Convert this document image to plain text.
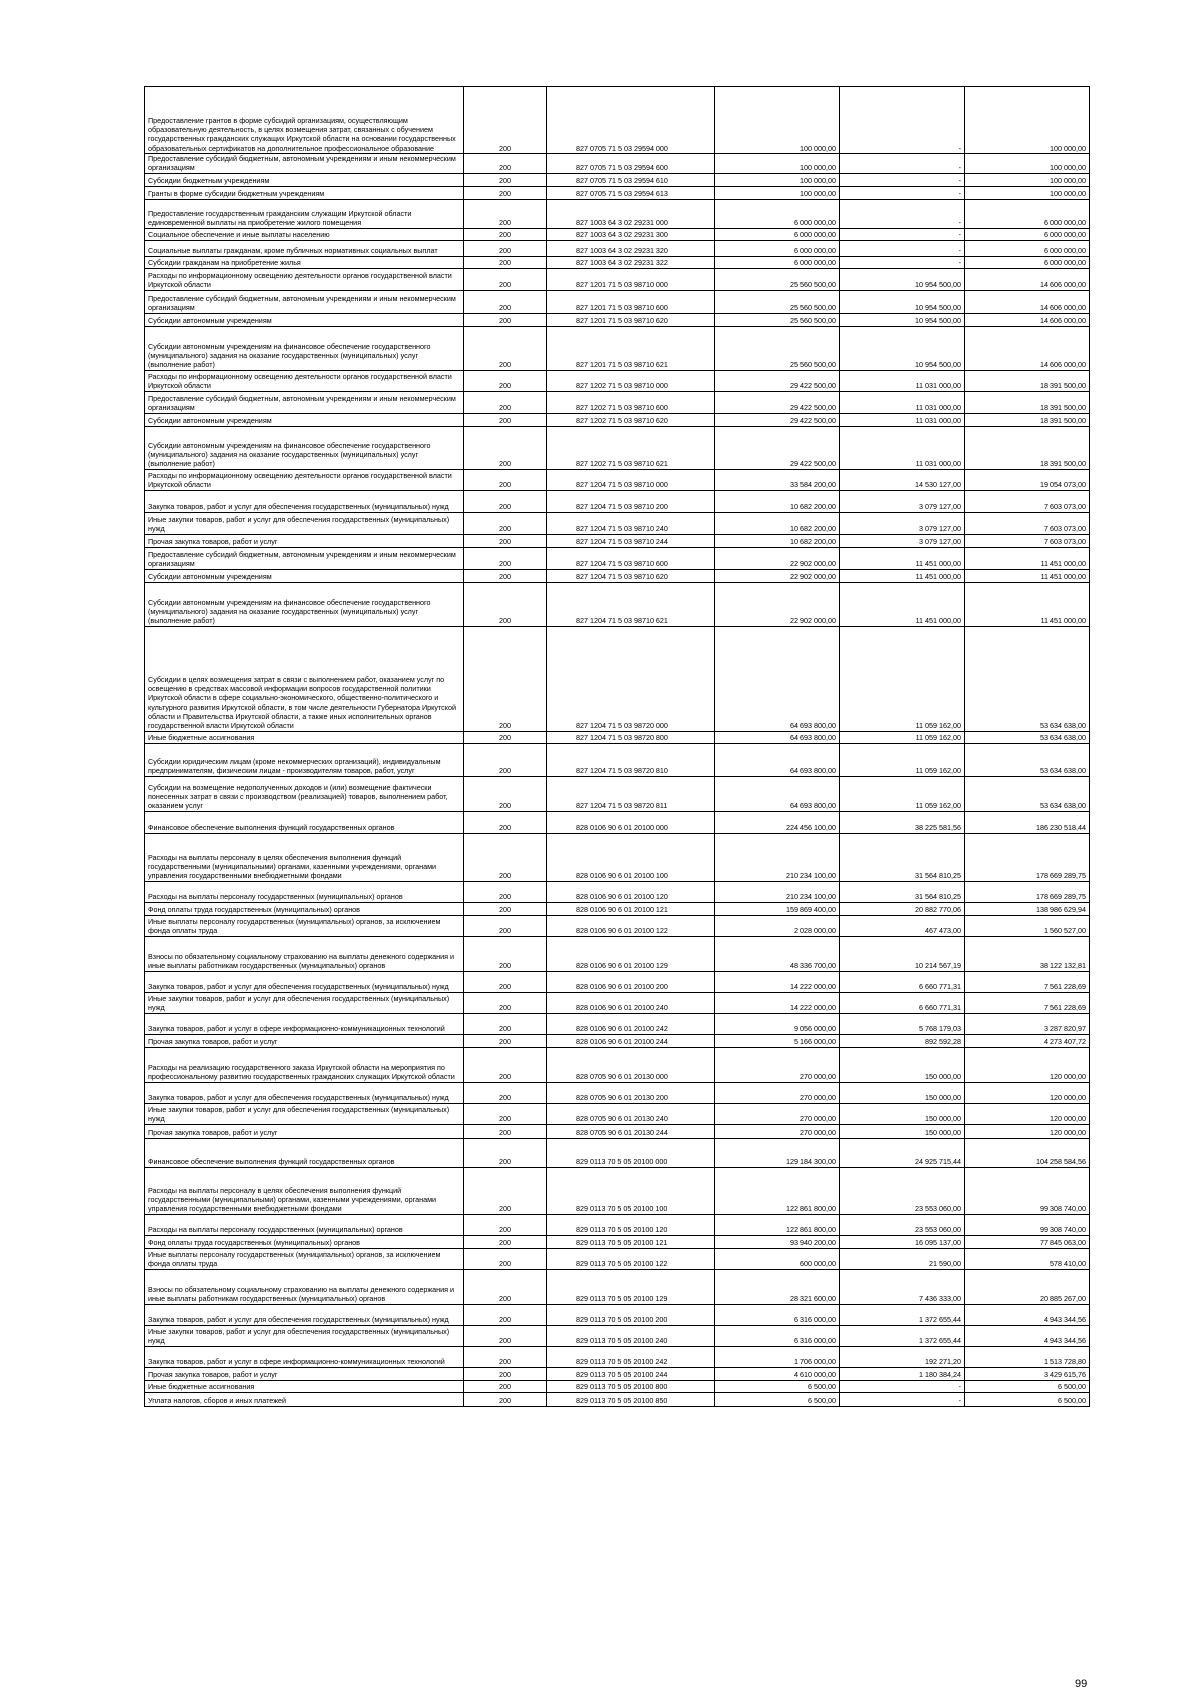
Предоставление грантов в форме субсидий организациям, осуществляющим образовательную деятельность, в целях возмещения затрат, связанных с обучением государственных гражданских служащих Иркутской области на основании государственных образовательных сертификатов на дополнительное профессиональное образование	200	827 0705 71 5 03 29594 000	100 000,00	-	100 000,00
Предоставление субсидий бюджетным, автономным учреждениям и иным некоммерческим организациям	200	827 0705 71 5 03 29594 600	100 000,00	-	100 000,00
Субсидии бюджетным учреждениям	200	827 0705 71 5 03 29594 610	100 000,00	-	100 000,00
Гранты в форме субсидии бюджетным учреждениям	200	827 0705 71 5 03 29594 613	100 000,00	-	100 000,00
Предоставление государственным гражданским служащим Иркутской области единовременной выплаты на приобретение жилого помещения	200	827 1003 64 3 02 29231 000	6 000 000,00	-	6 000 000,00
Социальное обеспечение и иные выплаты населению	200	827 1003 64 3 02 29231 300	6 000 000,00	-	6 000 000,00
Социальные выплаты гражданам, кроме публичных нормативных социальных выплат	200	827 1003 64 3 02 29231 320	6 000 000,00	-	6 000 000,00
Субсидии гражданам на приобретение жилья	200	827 1003 64 3 02 29231 322	6 000 000,00	-	6 000 000,00
Расходы по информационному освещению деятельности органов государственной власти Иркутской области	200	827 1201 71 5 03 98710 000	25 560 500,00	10 954 500,00	14 606 000,00
Предоставление субсидий бюджетным, автономным учреждениям и иным некоммерческим организациям	200	827 1201 71 5 03 98710 600	25 560 500,00	10 954 500,00	14 606 000,00
Субсидии автономным учреждениям	200	827 1201 71 5 03 98710 620	25 560 500,00	10 954 500,00	14 606 000,00
Субсидии автономным учреждениям на финансовое обеспечение государственного (муниципального) задания на оказание государственных (муниципальных) услуг (выполнение работ)	200	827 1201 71 5 03 98710 621	25 560 500,00	10 954 500,00	14 606 000,00
Расходы по информационному освещению деятельности органов государственной власти Иркутской области	200	827 1202 71 5 03 98710 000	29 422 500,00	11 031 000,00	18 391 500,00
Предоставление субсидий бюджетным, автономным учреждениям и иным некоммерческим организациям	200	827 1202 71 5 03 98710 600	29 422 500,00	11 031 000,00	18 391 500,00
Субсидии автономным учреждениям	200	827 1202 71 5 03 98710 620	29 422 500,00	11 031 000,00	18 391 500,00
Субсидии автономным учреждениям на финансовое обеспечение государственного (муниципального) задания на оказание государственных (муниципальных) услуг (выполнение работ)	200	827 1202 71 5 03 98710 621	29 422 500,00	11 031 000,00	18 391 500,00
Расходы по информационному освещению деятельности органов государственной власти Иркутской области	200	827 1204 71 5 03 98710 000	33 584 200,00	14 530 127,00	19 054 073,00
Закупка товаров, работ и услуг для обеспечения государственных (муниципальных) нужд	200	827 1204 71 5 03 98710 200	10 682 200,00	3 079 127,00	7 603 073,00
Иные закупки товаров, работ и услуг для обеспечения государственных (муниципальных) нужд	200	827 1204 71 5 03 98710 240	10 682 200,00	3 079 127,00	7 603 073,00
Прочая закупка товаров, работ и услуг	200	827 1204 71 5 03 98710 244	10 682 200,00	3 079 127,00	7 603 073,00
Предоставление субсидий бюджетным, автономным учреждениям и иным некоммерческим организациям	200	827 1204 71 5 03 98710 600	22 902 000,00	11 451 000,00	11 451 000,00
Субсидии автономным учреждениям	200	827 1204 71 5 03 98710 620	22 902 000,00	11 451 000,00	11 451 000,00
Субсидии автономным учреждениям на финансовое обеспечение государственного (муниципального) задания на оказание государственных (муниципальных) услуг (выполнение работ)	200	827 1204 71 5 03 98710 621	22 902 000,00	11 451 000,00	11 451 000,00
Субсидии в целях возмещения затрат в связи с выполнением работ, оказанием услуг по освещению в средствах массовой информации вопросов государственной политики Иркутской области в сфере социально-экономического, общественно-политического и культурного развития Иркутской области, в том числе деятельности Губернатора Иркутской области и Правительства Иркутской области, а также иных исполнительных органов государственной власти Иркутской области	200	827 1204 71 5 03 98720 000	64 693 800,00	11 059 162,00	53 634 638,00
Иные бюджетные ассигнования	200	827 1204 71 5 03 98720 800	64 693 800,00	11 059 162,00	53 634 638,00
Субсидии юридическим лицам (кроме некоммерческих организаций), индивидуальным предпринимателям, физическим лицам - производителям товаров, работ, услуг	200	827 1204 71 5 03 98720 810	64 693 800,00	11 059 162,00	53 634 638,00
Субсидии на возмещение недополученных доходов и (или) возмещение фактически понесенных затрат в связи с производством (реализацией) товаров, выполнением работ, оказанием услуг	200	827 1204 71 5 03 98720 811	64 693 800,00	11 059 162,00	53 634 638,00
Финансовое обеспечение выполнения функций государственных органов	200	828 0106 90 6 01 20100 000	224 456 100,00	38 225 581,56	186 230 518,44
Расходы на выплаты персоналу в целях обеспечения выполнения функций государственными (муниципальными) органами, казенными учреждениями, органами управления государственными внебюджетными фондами	200	828 0106 90 6 01 20100 100	210 234 100,00	31 564 810,25	178 669 289,75
Расходы на выплаты персоналу государственных (муниципальных) органов	200	828 0106 90 6 01 20100 120	210 234 100,00	31 564 810,25	178 669 289,75
Фонд оплаты труда государственных (муниципальных) органов	200	828 0106 90 6 01 20100 121	159 869 400,00	20 882 770,06	138 986 629,94
Иные выплаты персоналу государственных (муниципальных) органов, за исключением фонда оплаты труда	200	828 0106 90 6 01 20100 122	2 028 000,00	467 473,00	1 560 527,00
Взносы по обязательному социальному страхованию на выплаты денежного содержания и иные выплаты работникам государственных (муниципальных) органов	200	828 0106 90 6 01 20100 129	48 336 700,00	10 214 567,19	38 122 132,81
Закупка товаров, работ и услуг для обеспечения государственных (муниципальных) нужд	200	828 0106 90 6 01 20100 200	14 222 000,00	6 660 771,31	7 561 228,69
Иные закупки товаров, работ и услуг для обеспечения государственных (муниципальных) нужд	200	828 0106 90 6 01 20100 240	14 222 000,00	6 660 771,31	7 561 228,69
Закупка товаров, работ и услуг в сфере информационно-коммуникационных технологий	200	828 0106 90 6 01 20100 242	9 056 000,00	5 768 179,03	3 287 820,97
Прочая закупка товаров, работ и услуг	200	828 0106 90 6 01 20100 244	5 166 000,00	892 592,28	4 273 407,72
Расходы на реализацию государственного заказа Иркутской области на мероприятия по профессиональному развитию государственных гражданских служащих Иркутской области	200	828 0705 90 6 01 20130 000	270 000,00	150 000,00	120 000,00
Закупка товаров, работ и услуг для обеспечения государственных (муниципальных) нужд	200	828 0705 90 6 01 20130 200	270 000,00	150 000,00	120 000,00
Иные закупки товаров, работ и услуг для обеспечения государственных (муниципальных) нужд	200	828 0705 90 6 01 20130 240	270 000,00	150 000,00	120 000,00
Прочая закупка товаров, работ и услуг	200	828 0705 90 6 01 20130 244	270 000,00	150 000,00	120 000,00
Финансовое обеспечение выполнения функций государственных органов	200	829 0113 70 5 05 20100 000	129 184 300,00	24 925 715,44	104 258 584,56
Расходы на выплаты персоналу в целях обеспечения выполнения функций государственными (муниципальными) органами, казенными учреждениями, органами управления государственными внебюджетными фондами	200	829 0113 70 5 05 20100 100	122 861 800,00	23 553 060,00	99 308 740,00
Расходы на выплаты персоналу государственных (муниципальных) органов	200	829 0113 70 5 05 20100 120	122 861 800,00	23 553 060,00	99 308 740,00
Фонд оплаты труда государственных (муниципальных) органов	200	829 0113 70 5 05 20100 121	93 940 200,00	16 095 137,00	77 845 063,00
Иные выплаты персоналу государственных (муниципальных) органов, за исключением фонда оплаты труда	200	829 0113 70 5 05 20100 122	600 000,00	21 590,00	578 410,00
Взносы по обязательному социальному страхованию на выплаты денежного содержания и иные выплаты работникам государственных (муниципальных) органов	200	829 0113 70 5 05 20100 129	28 321 600,00	7 436 333,00	20 885 267,00
Закупка товаров, работ и услуг для обеспечения государственных (муниципальных) нужд	200	829 0113 70 5 05 20100 200	6 316 000,00	1 372 655,44	4 943 344,56
Иные закупки товаров, работ и услуг для обеспечения государственных (муниципальных) нужд	200	829 0113 70 5 05 20100 240	6 316 000,00	1 372 655,44	4 943 344,56
Закупка товаров, работ и услуг в сфере информационно-коммуникационных технологий	200	829 0113 70 5 05 20100 242	1 706 000,00	192 271,20	1 513 728,80
Прочая закупка товаров, работ и услуг	200	829 0113 70 5 05 20100 244	4 610 000,00	1 180 384,24	3 429 615,76
Иные бюджетные ассигнования	200	829 0113 70 5 05 20100 800	6 500,00	-	6 500,00
Уплата налогов, сборов и иных платежей	200	829 0113 70 5 05 20100 850	6 500,00	-	6 500,00
99
